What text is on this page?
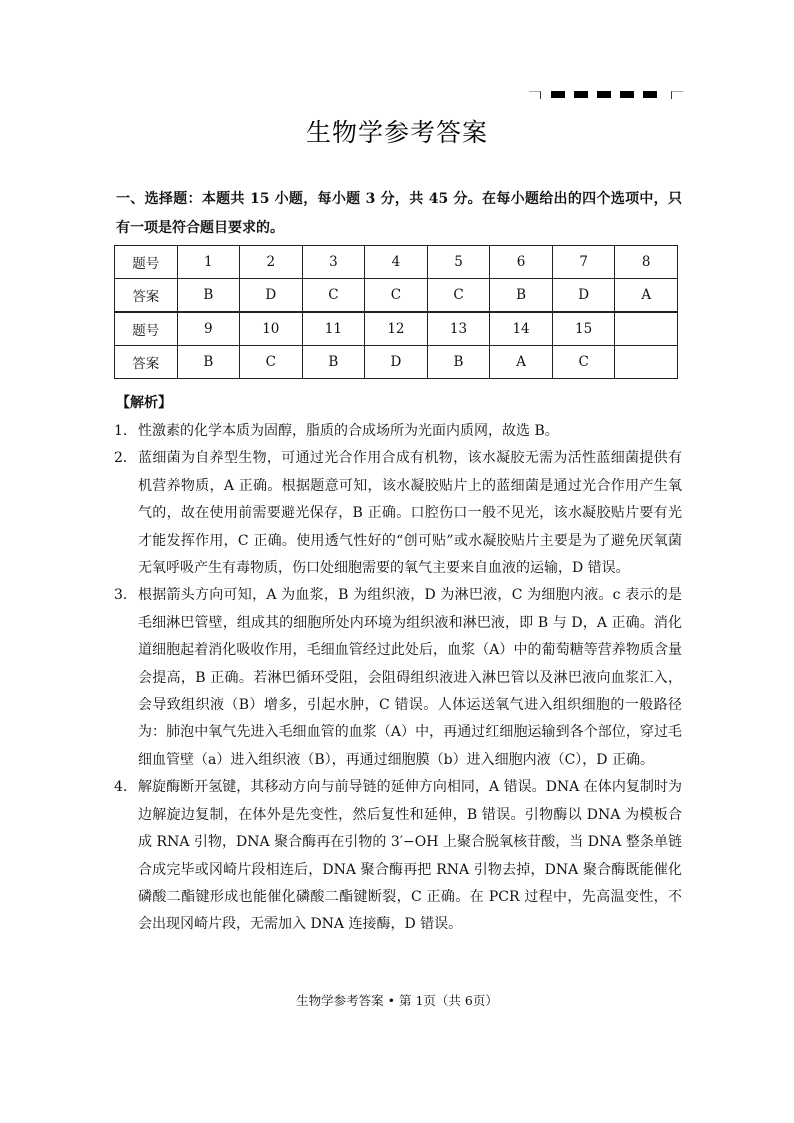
生物学参考答案
一、选择题：本题共 15 小题，每小题 3 分，共 45 分。在每小题给出的四个选项中，只有一项是符合题目要求的。
题号	1	2	3	4	5	6	7	8
答案	B	D	C	C	C	B	D	A
题号	9	10	11	12	13	14	15	
答案	B	C	B	D	B	A	C	
【解析】
1． 性激素的化学本质为固醇，脂质的合成场所为光面内质网，故选 B。
2． 蓝细菌为自养型生物，可通过光合作用合成有机物，该水凝胶无需为活性蓝细菌提供有机营养物质，A 正确。根据题意可知，该水凝胶贴片上的蓝细菌是通过光合作用产生氧气的，故在使用前需要避光保存，B 正确。口腔伤口一般不见光，该水凝胶贴片要有光才能发挥作用，C 正确。使用透气性好的“创可贴”或水凝胶贴片主要是为了避免厌氧菌无氧呼吸产生有毒物质，伤口处细胞需要的氧气主要来自血液的运输，D 错误。
3． 根据箭头方向可知，A 为血浆，B 为组织液，D 为淋巴液，C 为细胞内液。c 表示的是毛细淋巴管壁，组成其的细胞所处内环境为组织液和淋巴液，即 B 与 D，A 正确。消化道细胞起着消化吸收作用，毛细血管经过此处后，血浆（A）中的葡萄糖等营养物质含量会提高，B 正确。若淋巴循环受阻，会阻碍组织液进入淋巴管以及淋巴液向血浆汇入，会导致组织液（B）增多，引起水肿，C 错误。人体运送氧气进入组织细胞的一般路径为：肺泡中氧气先进入毛细血管的血浆（A）中，再通过红细胞运输到各个部位，穿过毛细血管壁（a）进入组织液（B），再通过细胞膜（b）进入细胞内液（C），D 正确。
4． 解旋酶断开氢键，其移动方向与前导链的延伸方向相同，A 错误。DNA 在体内复制时为边解旋边复制，在体外是先变性，然后复性和延伸，B 错误。引物酶以 DNA 为模板合成 RNA 引物，DNA 聚合酶再在引物的 3′−OH 上聚合脱氧核苷酸，当 DNA 整条单链合成完毕或冈崎片段相连后，DNA 聚合酶再把 RNA 引物去掉，DNA 聚合酶既能催化磷酸二酯键形成也能催化磷酸二酯键断裂，C 正确。在 PCR 过程中，先高温变性，不会出现冈崎片段，无需加入 DNA 连接酶，D 错误。
生物学参考答案 • 第 1页（共 6页）
